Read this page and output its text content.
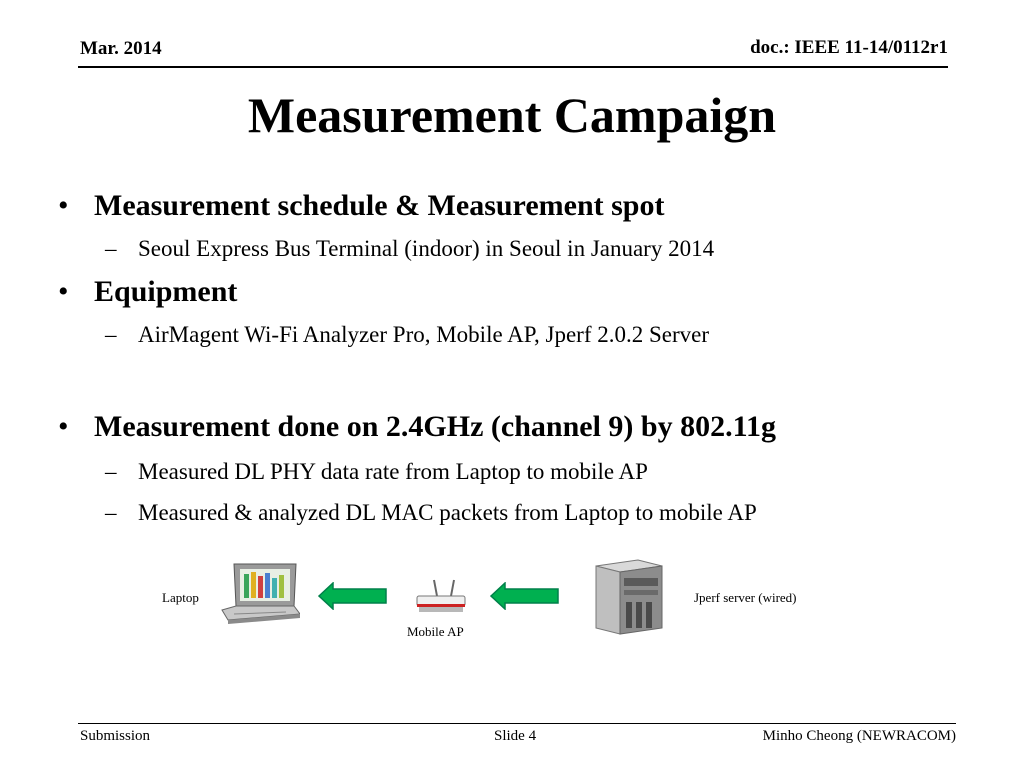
Mar. 2014	doc.: IEEE 11-14/0112r1
Measurement Campaign
• Measurement schedule & Measurement spot
– Seoul Express Bus Terminal (indoor) in Seoul in January 2014
• Equipment
– AirMagent Wi-Fi Analyzer Pro, Mobile AP, Jperf 2.0.2 Server
• Measurement done on 2.4GHz (channel 9) by 802.11g
– Measured DL PHY data rate from Laptop to mobile AP
– Measured & analyzed DL MAC packets from Laptop to mobile AP
Laptop
Mobile AP
Jperf server (wired)
Submission	Slide 4	Minho Cheong (NEWRACOM)
